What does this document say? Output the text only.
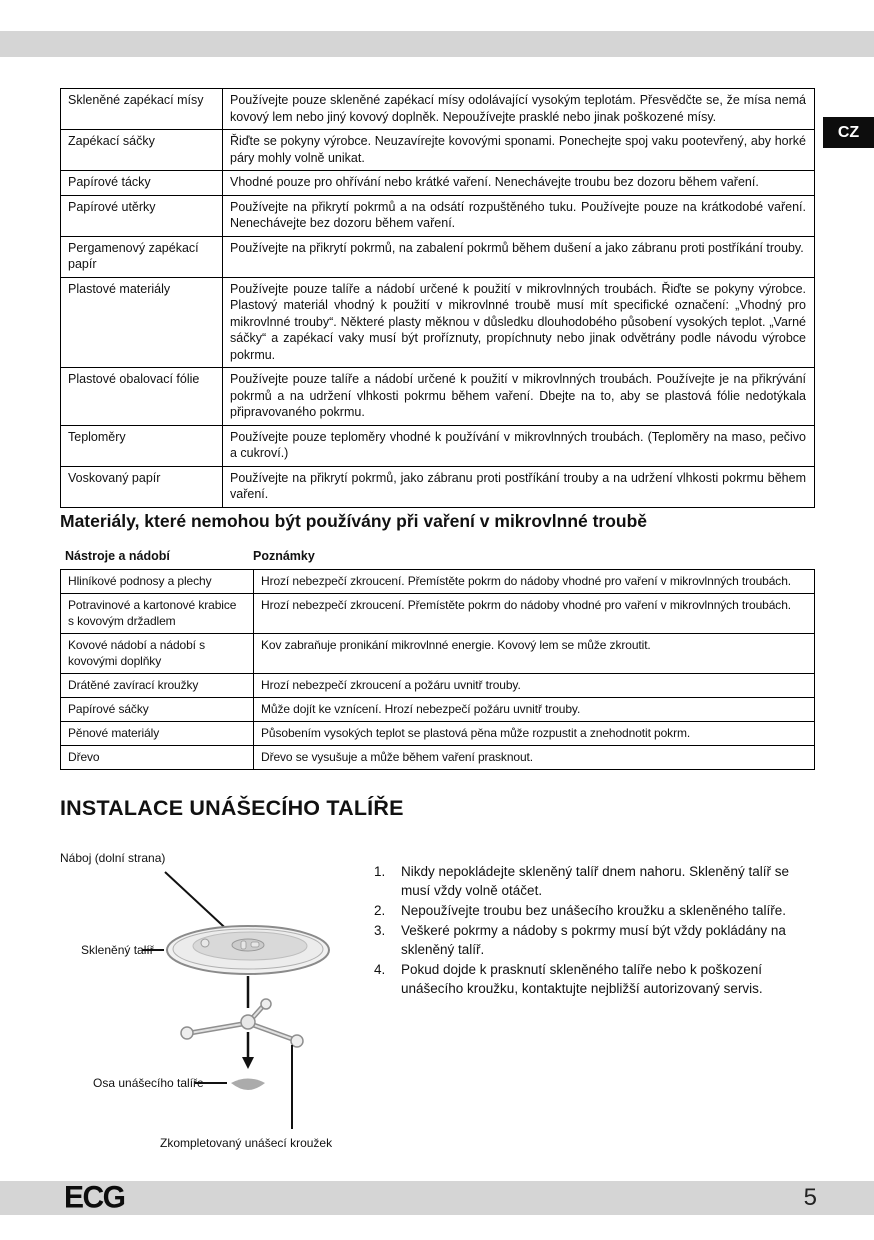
CZ
Skleněné zapékací mísy	Používejte pouze skleněné zapékací mísy odolávající vysokým teplotám. Přesvědčte se, že mísa nemá kovový lem nebo jiný kovový doplněk. Nepoužívejte prasklé nebo jinak poškozené mísy.
Zapékací sáčky	Řiďte se pokyny výrobce. Neuzavírejte kovovými sponami. Ponechejte spoj vaku pootevřený, aby horké páry mohly volně unikat.
Papírové tácky	Vhodné pouze pro ohřívání nebo krátké vaření. Nenechávejte troubu bez dozoru během vaření.
Papírové utěrky	Používejte na přikrytí pokrmů a na odsátí rozpuštěného tuku. Používejte pouze na krátkodobé vaření. Nenechávejte bez dozoru během vaření.
Pergamenový zapékací papír	Používejte na přikrytí pokrmů, na zabalení pokrmů během dušení a jako zábranu proti postříkání trouby.
Plastové materiály	Používejte pouze talíře a nádobí určené k použití v mikrovlnných troubách. Řiďte se pokyny výrobce. Plastový materiál vhodný k použití v mikrovlnné troubě musí mít specifické označení: „Vhodný pro mikrovlnné trouby“. Některé plasty měknou v důsledku dlouhodobého působení vysokých teplot. „Varné sáčky“ a zapékací vaky musí být proříznuty, propíchnuty nebo jinak odvětrány podle návodu výrobce pokrmu.
Plastové obalovací fólie	Používejte pouze talíře a nádobí určené k použití v mikrovlnných troubách. Používejte je na přikrývání pokrmů a na udržení vlhkosti pokrmu během vaření. Dbejte na to, aby se plastová fólie nedotýkala připravovaného pokrmu.
Teploměry	Používejte pouze teploměry vhodné k používání v mikrovlnných troubách. (Teploměry na maso, pečivo a cukroví.)
Voskovaný papír	Používejte na přikrytí pokrmů, jako zábranu proti postříkání trouby a na udržení vlhkosti pokrmu během vaření.
Materiály, které nemohou být používány při vaření v mikrovlnné troubě
Nástroje a nádobí	Poznámky
Hliníkové podnosy a plechy	Hrozí nebezpečí zkroucení. Přemístěte pokrm do nádoby vhodné pro vaření v mikrovlnných troubách.
Potravinové a kartonové krabice s kovovým držadlem	Hrozí nebezpečí zkroucení. Přemístěte pokrm do nádoby vhodné pro vaření v mikrovlnných troubách.
Kovové nádobí a nádobí s kovovými doplňky	Kov zabraňuje pronikání mikrovlnné energie. Kovový lem se může zkroutit.
Drátěné zavírací kroužky	Hrozí nebezpečí zkroucení a požáru uvnitř trouby.
Papírové sáčky	Může dojít ke vznícení. Hrozí nebezpečí požáru uvnitř trouby.
Pěnové materiály	Působením vysokých teplot se plastová pěna může rozpustit a znehodnotit pokrm.
Dřevo	Dřevo se vysušuje a může během vaření prasknout.
INSTALACE UNÁŠECÍHO TALÍŘE
Náboj (dolní strana)
Skleněný talíř
Osa unášecího talíře
Zkompletovaný unášecí kroužek
1.	Nikdy nepokládejte skleněný talíř dnem nahoru. Skleněný talíř se musí vždy volně otáčet.
2.	Nepoužívejte troubu bez unášecího kroužku a skleněného talíře.
3.	Veškeré pokrmy a nádoby s pokrmy musí být vždy pokládány na skleněný talíř.
4.	Pokud dojde k prasknutí skleněného talíře nebo k poškození unášecího kroužku, kontaktujte nejbližší autorizovaný servis.
ECG	5
